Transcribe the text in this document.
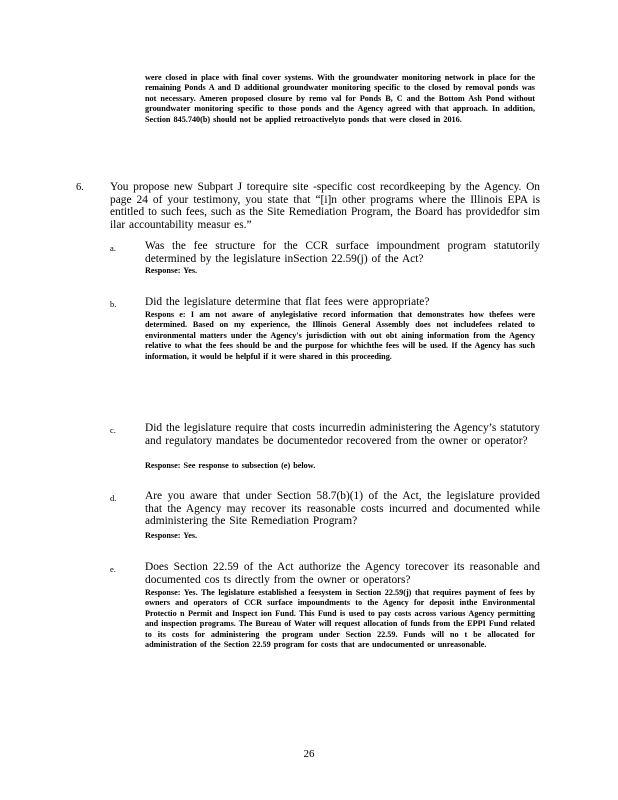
were closed in place with final cover systems. With the groundwater monitoring network in place for the remaining Ponds A and D additional groundwater monitoring specific to the closed by removal ponds was not necessary. Ameren proposed closure by remo val for Ponds B, C and the Bottom Ash Pond without groundwater monitoring specific to those ponds and the Agency agreed with that approach. In addition, Section 845.740(b) should not be applied retroactivelyto ponds that were closed in 2016.
6. You propose new Subpart J torequire site -specific cost recordkeeping by the Agency. On page 24 of your testimony, you state that “[i]n other programs where the Illinois EPA is entitled to such fees, such as the Site Remediation Program, the Board has providedfor sim ilar accountability measur es.”
a.	Was the fee structure for the CCR surface impoundment program statutorily determined by the legislature inSection 22.59(j) of the Act?
Response: Yes.
b.	Did the legislature determine that flat fees were appropriate?
Respons e: I am not aware of anylegislative record information that demonstrates how thefees were determined. Based on my experience, the Illinois General Assembly does not includefees related to environmental matters under the Agency's jurisdiction with out obt aining information from the Agency relative to what the fees should be and the purpose for whichthe fees will be used. If the Agency has such information, it would be helpful if it were shared in this proceeding.
c.	Did the legislature require that costs incurredin administering the Agency’s statutory and regulatory mandates be documentedor recovered from the owner or operator?
Response: See response to subsection (e) below.
d.	Are you aware that under Section 58.7(b)(1) of the Act, the legislature provided that the Agency may recover its reasonable costs incurred and documented while administering the Site Remediation Program?
Response: Yes.
e.	Does Section 22.59 of the Act authorize the Agency torecover its reasonable and documented cos ts directly from the owner or operators?
Response: Yes. The legislature established a feesystem in Section 22.59(j) that requires payment of fees by owners and operators of CCR surface impoundments to the Agency for deposit inthe Environmental Protectio n Permit and Inspect ion Fund. This Fund is used to pay costs across various Agency permitting and inspection programs. The Bureau of Water will request allocation of funds from the EPPI Fund related to its costs for administering the program under Section 22.59. Funds will no t be allocated for administration of the Section 22.59 program for costs that are undocumented or unreasonable.
26
